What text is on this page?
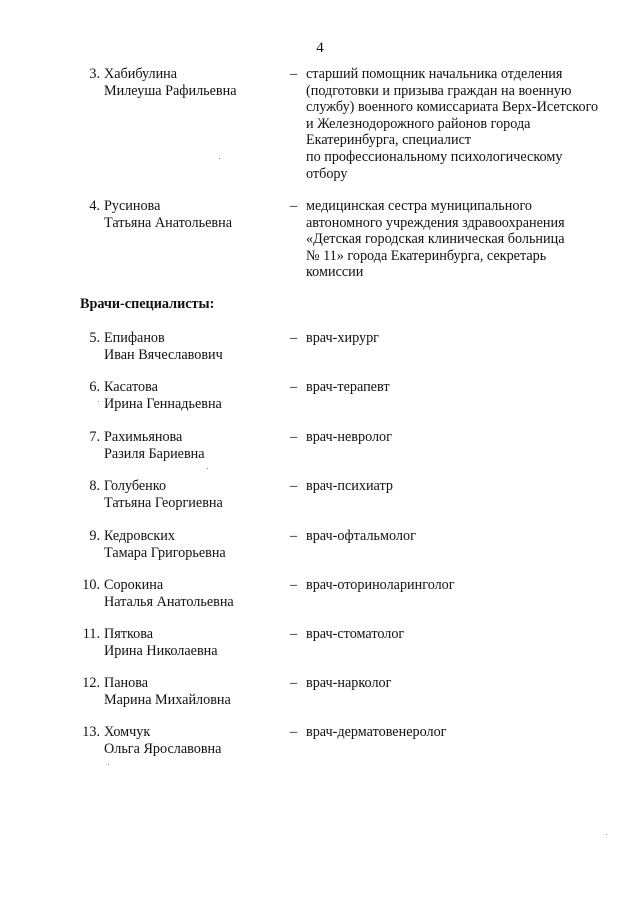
4
3. Хабибулина
Милеуша Рафильевна
– старший помощник начальника отделения
(подготовки и призыва граждан на военную
службу) военного комиссариата Верх-Исетского
и Железнодорожного районов города
Екатеринбурга, специалист
по профессиональному психологическому
отбору
4. Русинова
Татьяна Анатольевна
– медицинская сестра муниципального
автономного учреждения здравоохранения
«Детская городская клиническая больница
№ 11» города Екатеринбурга, секретарь
комиссии
Врачи-специалисты:
5. Епифанов
Иван Вячеславович
– врач-хирург
6. Касатова
Ирина Геннадьевна
– врач-терапевт
7. Рахимьянова
Разиля Бариевна
– врач-невролог
8. Голубенко
Татьяна Георгиевна
– врач-психиатр
9. Кедровских
Тамара Григорьевна
– врач-офтальмолог
10. Сорокина
Наталья Анатольевна
– врач-оториноларинголог
11. Пяткова
Ирина Николаевна
– врач-стоматолог
12. Панова
Марина Михайловна
– врач-нарколог
13. Хомчук
Ольга Ярославовна
– врач-дерматовенеролог
